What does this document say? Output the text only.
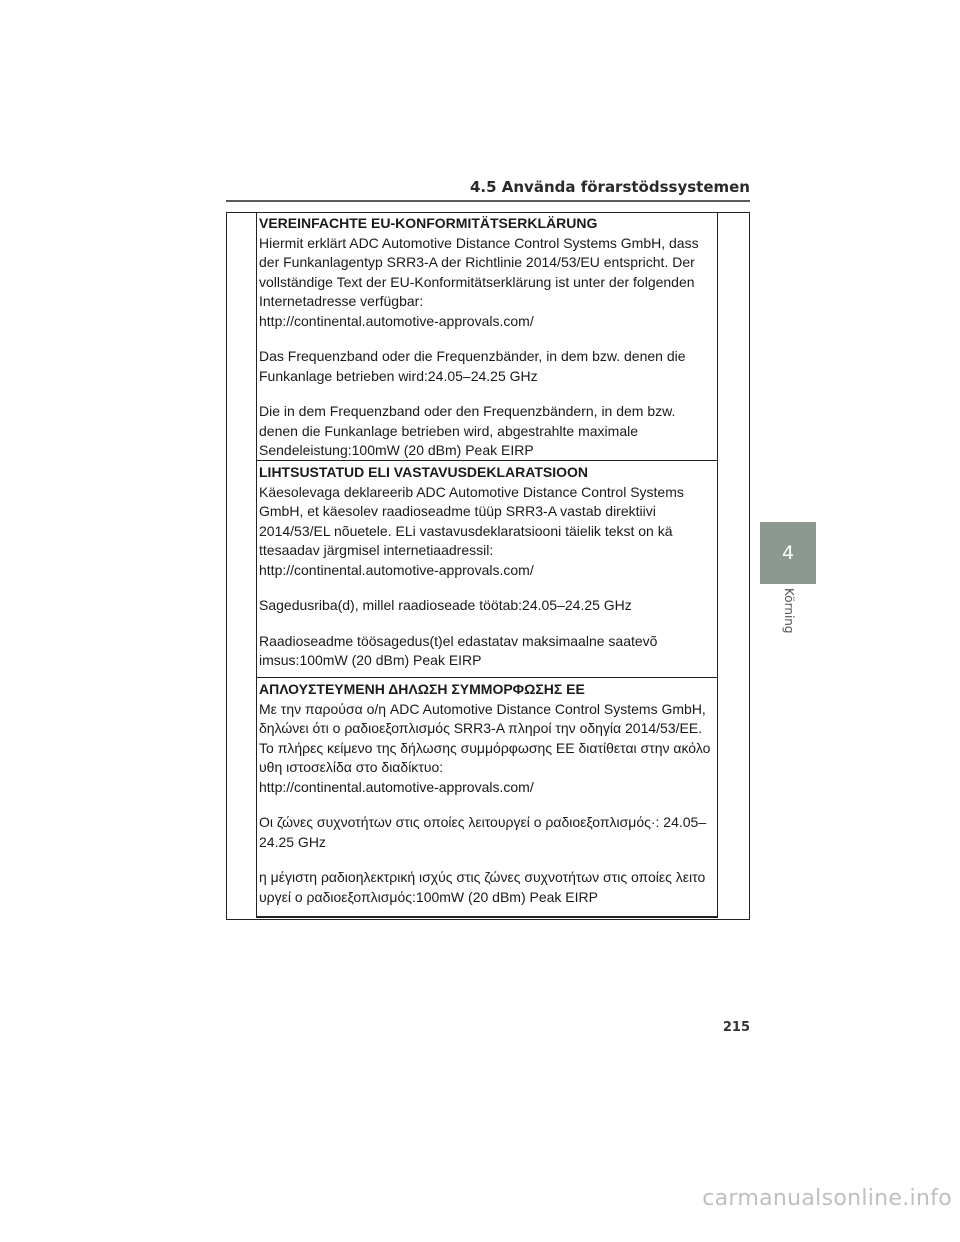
4.5 Använda förarstödssystemen

VEREINFACHTE EU-KONFORMITÄTSERKLÄRUNG

Hiermit erklärt ADC Automotive Distance Control Systems GmbH, dass
der Funkanlagentyp SRR3-A der Richtlinie 2014/53/EU entspricht. Der
vollständige Text der EU-Konformitätserklärung ist unter der folgenden
Internetadresse verfügbar:
http://continental.automotive-approvals.com/

Das Frequenzband oder die Frequenzbänder, in dem bzw. denen die
Funkanlage betrieben wird:24.05–24.25 GHz

Die in dem Frequenzband oder den Frequenzbändern, in dem bzw.
denen die Funkanlage betrieben wird, abgestrahlte maximale
Sendeleistung:100mW (20 dBm) Peak EIRP

LIHTSUSTATUD ELI VASTAVUSDEKLARATSIOON

Käesolevaga deklareerib ADC Automotive Distance Control Systems
GmbH, et käesolev raadioseadme tüüp SRR3-A vastab direktiivi
2014/53/EL nõuetele. ELi vastavusdeklaratsiooni täielik tekst on kä
ttesaadav järgmisel internetiaadressil:
http://continental.automotive-approvals.com/

Sagedusriba(d), millel raadioseade töötab:24.05–24.25 GHz

Raadioseadme töösagedus(t)el edastatav maksimaalne saatevõ
imsus:100mW (20 dBm) Peak EIRP

ΑΠΛΟΥΣΤΕΥΜΕΝΗ ΔΗΛΩΣΗ ΣΥΜΜΟΡΦΩΣΗΣ ΕΕ

Με την παρούσα ο/η ADC Automotive Distance Control Systems GmbH,
δηλώνει ότι ο ραδιοεξοπλισμός SRR3-A πληροί την οδηγία 2014/53/ΕΕ.
Το πλήρες κείμενο της δήλωσης συμμόρφωσης ΕΕ διατίθεται στην ακόλο
υθη ιστοσελίδα στο διαδίκτυο:
http://continental.automotive-approvals.com/

Οι ζώνες συχνοτήτων στις οποίες λειτουργεί ο ραδιοεξοπλισμός·: 24.05–
24.25 GHz

η μέγιστη ραδιοηλεκτρική ισχύς στις ζώνες συχνοτήτων στις οποίες λειτο
υργεί ο ραδιοεξοπλισμός:100mW (20 dBm) Peak EIRP

4
Körning
215
carmanualsonline.info
